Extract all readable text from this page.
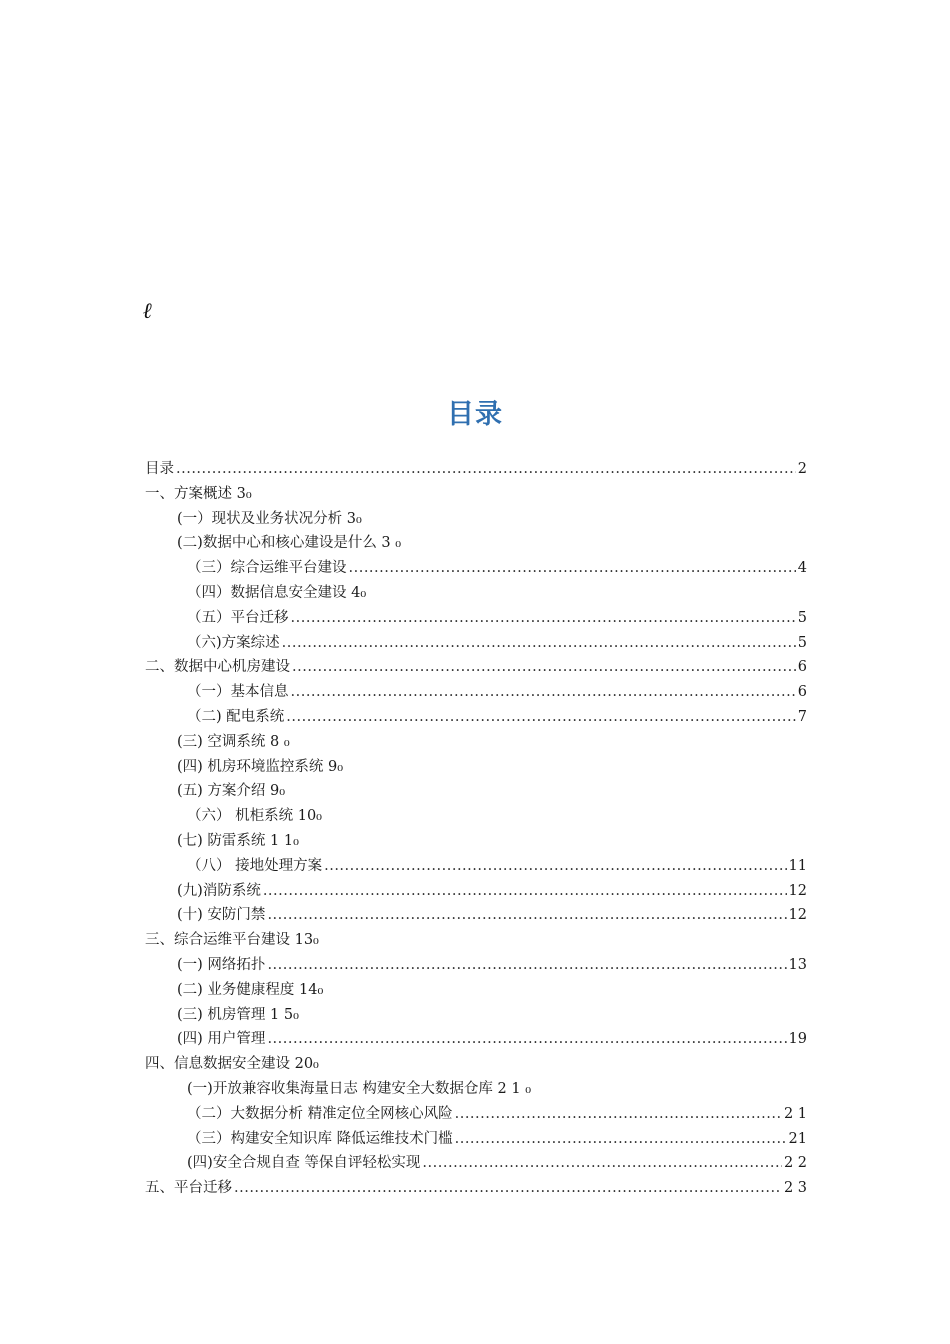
ℓ
目录
目录 .....	2
一、方案概述 3₀
(一）现状及业务状况分析 3₀
(二)数据中心和核心建设是什么 3 ₀
（三）综合运维平台建设 .....	4
（四）数据信息安全建设 4₀
（五）平台迁移 .....	5
（六)方案综述 .....	5
二、数据中心机房建设 .....	6
（一）基本信息 .....	6
（二) 配电系统 .....	7
(三) 空调系统 8 ₀
(四) 机房环境监控系统 9₀
(五) 方案介绍 9₀
（六） 机柜系统 10₀
(七) 防雷系统 1 1₀
（八） 接地处理方案 .....	11
(九)消防系统 .....	12
(十) 安防门禁 .....	12
三、综合运维平台建设 13₀
(一) 网络拓扑 .....	13
(二) 业务健康程度 14₀
(三) 机房管理 1 5₀
(四) 用户管理 .....	19
四、信息数据安全建设 20₀
(一)开放兼容收集海量日志 构建安全大数据仓库 2 1 ₀
（二）大数据分析 精准定位全网核心风险 .....	2 1
（三）构建安全知识库 降低运维技术门槛 .....	21
(四)安全合规自查 等保自评轻松实现 .....	2 2
五、平台迁移 .....	2 3
